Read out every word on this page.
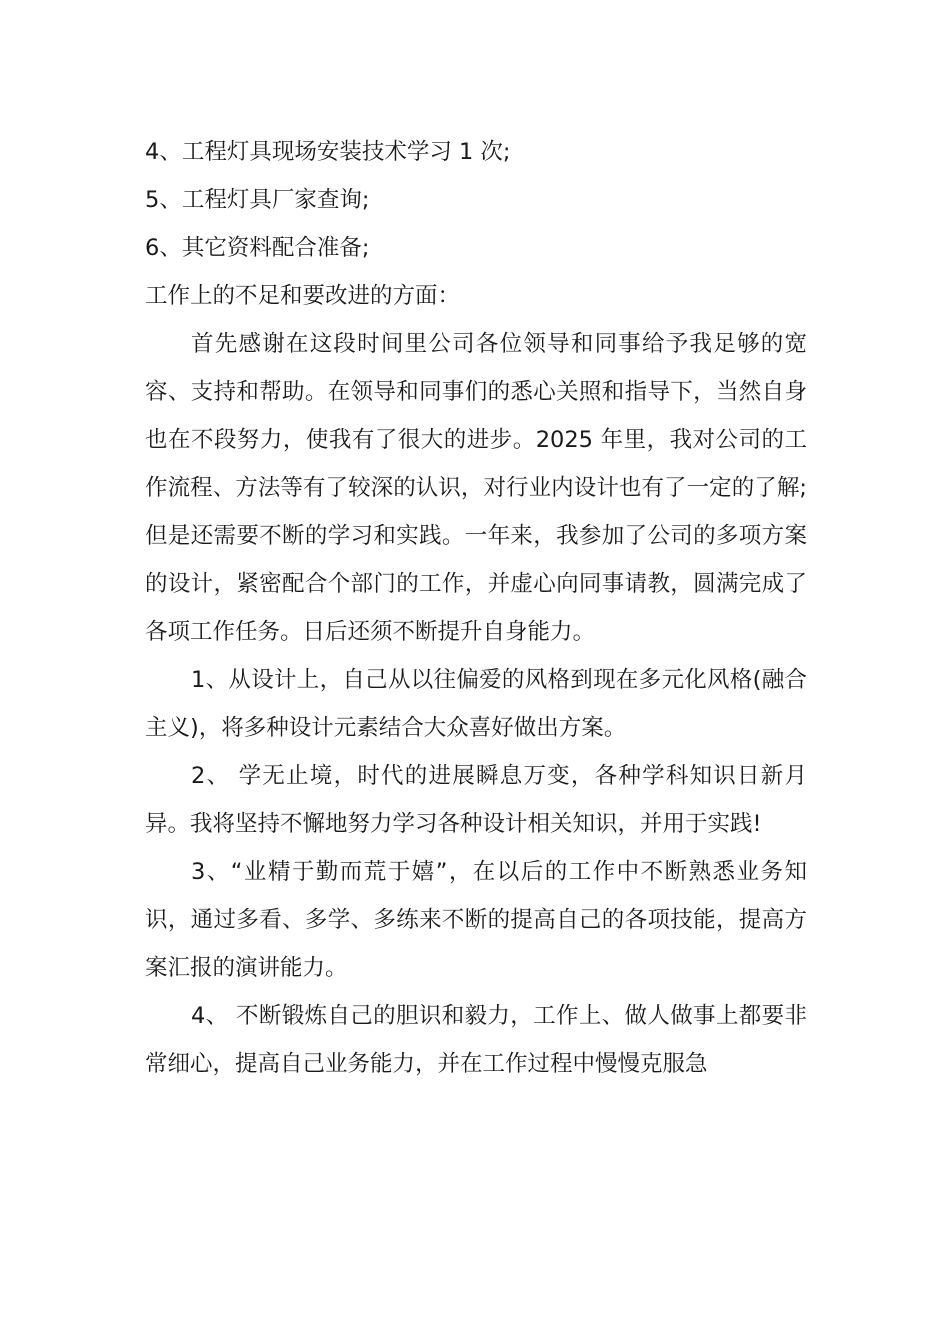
4、工程灯具现场安装技术学习 1 次;

5、工程灯具厂家查询;

6、其它资料配合准备;

工作上的不足和要改进的方面：

首先感谢在这段时间里公司各位领导和同事给予我足够的宽容、支持和帮助。在领导和同事们的悉心关照和指导下，当然自身也在不段努力，使我有了很大的进步。2025 年里，我对公司的工作流程、方法等有了较深的认识，对行业内设计也有了一定的了解;但是还需要不断的学习和实践。一年来，我参加了公司的多项方案的设计，紧密配合个部门的工作，并虚心向同事请教，圆满完成了各项工作任务。日后还须不断提升自身能力。

1、从设计上，自己从以往偏爱的风格到现在多元化风格(融合主义)，将多种设计元素结合大众喜好做出方案。

2、 学无止境，时代的进展瞬息万变，各种学科知识日新月异。我将坚持不懈地努力学习各种设计相关知识，并用于实践!

3、“业精于勤而荒于嬉”，在以后的工作中不断熟悉业务知识，通过多看、多学、多练来不断的提高自己的各项技能，提高方案汇报的演讲能力。

4、 不断锻炼自己的胆识和毅力，工作上、做人做事上都要非常细心，提高自己业务能力，并在工作过程中慢慢克服急
